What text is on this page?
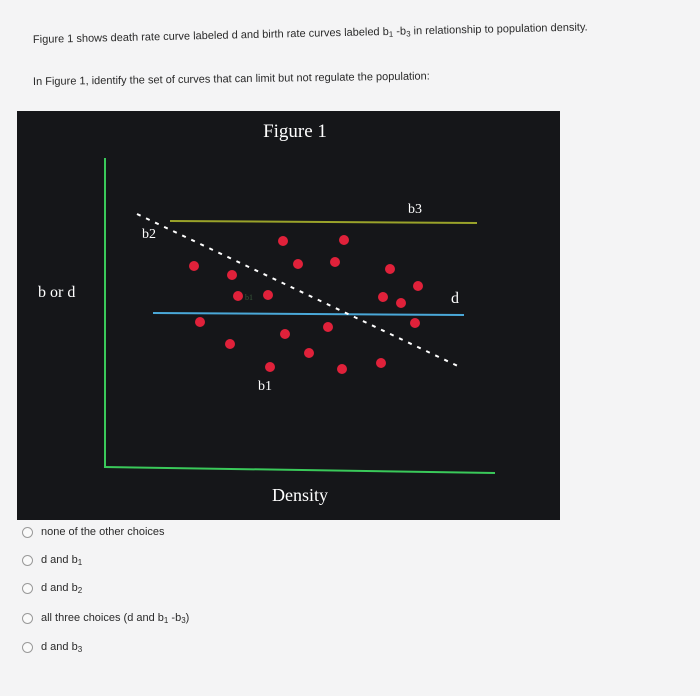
Figure 1 shows death rate curve labeled d and birth rate curves labeled $b_1$ $-b_3$ in relationship to population density.
In Figure 1, identify the set of curves that can limit but not regulate the population:
Figure 1
b or d
Density
b3
b2
d
b1
b1
none of the other choices
d and $b_1$
d and $b_2$
all three choices (d and $b_1$ $-b_3$)
d and $b_3$
